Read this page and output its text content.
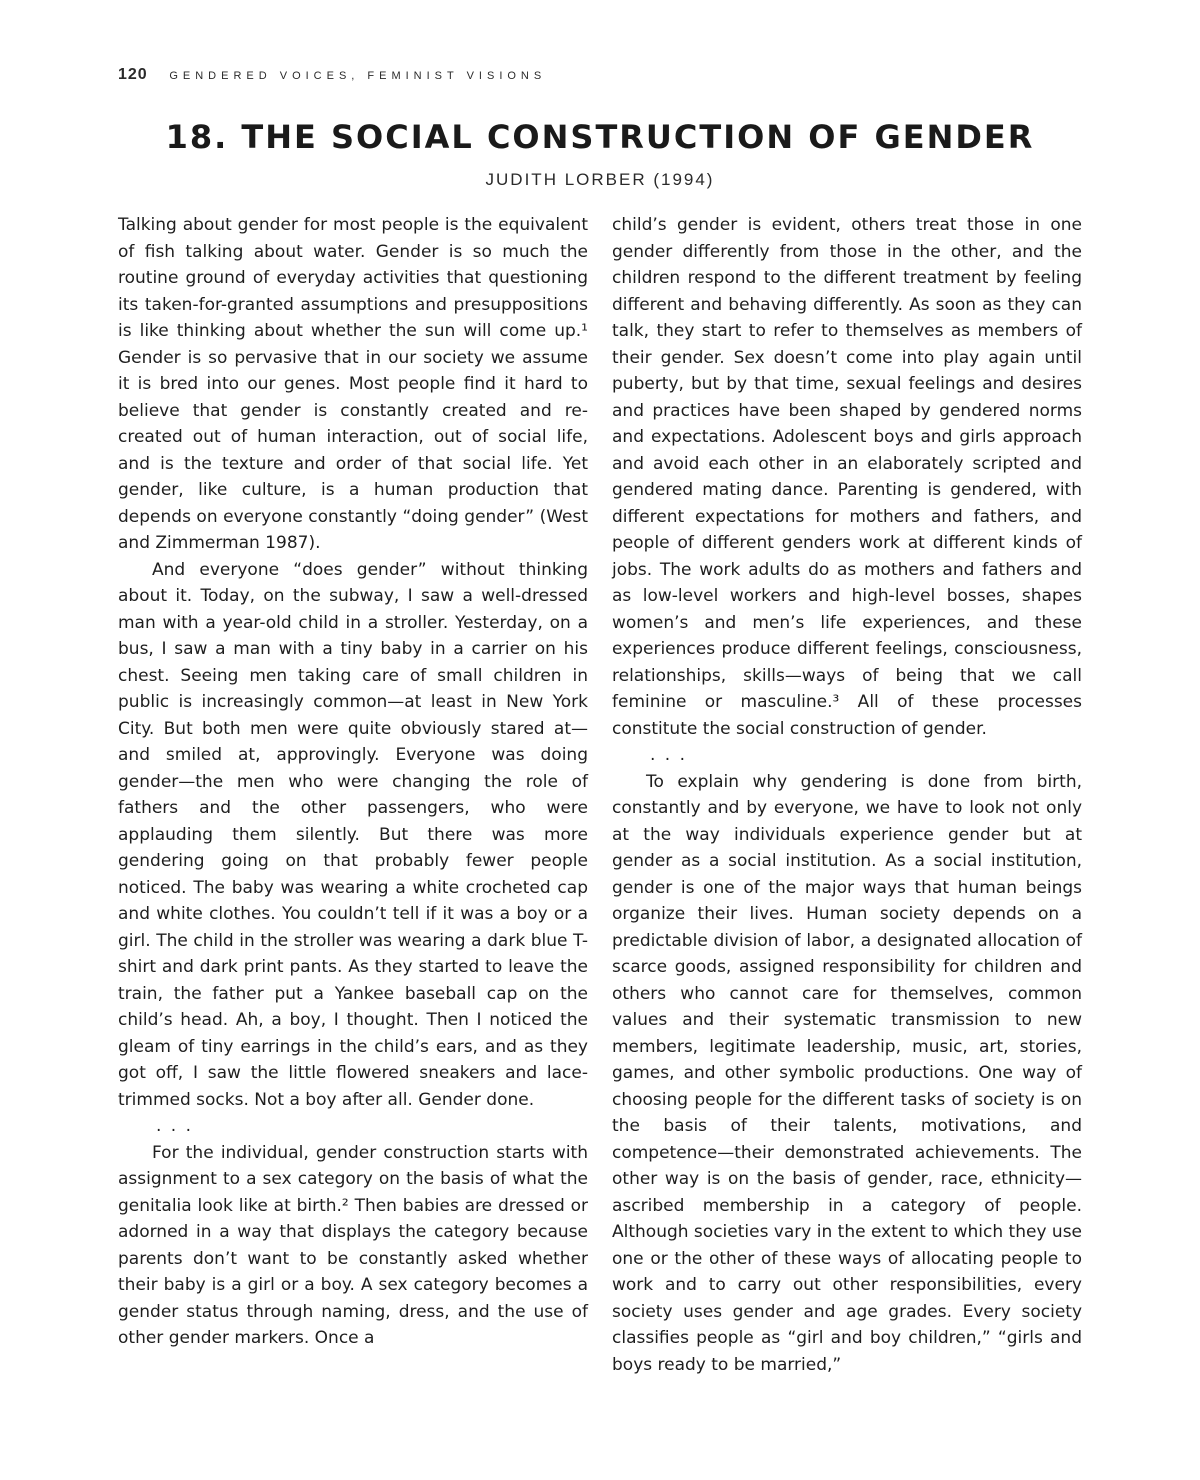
120 GENDERED VOICES, FEMINIST VISIONS
18. THE SOCIAL CONSTRUCTION OF GENDER
JUDITH LORBER (1994)

Talking about gender for most people is the equivalent of fish talking about water. Gender is so much the routine ground of everyday activities that questioning its taken-for-granted assumptions and presuppositions is like thinking about whether the sun will come up.¹ Gender is so pervasive that in our society we assume it is bred into our genes. Most people find it hard to believe that gender is constantly created and re-created out of human interaction, out of social life, and is the texture and order of that social life. Yet gender, like culture, is a human production that depends on everyone constantly “doing gender” (West and Zimmerman 1987).

And everyone “does gender” without thinking about it. Today, on the subway, I saw a well-dressed man with a year-old child in a stroller. Yesterday, on a bus, I saw a man with a tiny baby in a carrier on his chest. Seeing men taking care of small children in public is increasingly common—at least in New York City. But both men were quite obviously stared at—and smiled at, approvingly. Everyone was doing gender—the men who were changing the role of fathers and the other passengers, who were applauding them silently. But there was more gendering going on that probably fewer people noticed. The baby was wearing a white crocheted cap and white clothes. You couldn’t tell if it was a boy or a girl. The child in the stroller was wearing a dark blue T-shirt and dark print pants. As they started to leave the train, the father put a Yankee baseball cap on the child’s head. Ah, a boy, I thought. Then I noticed the gleam of tiny earrings in the child’s ears, and as they got off, I saw the little flowered sneakers and lace-trimmed socks. Not a boy after all. Gender done.

. . .

For the individual, gender construction starts with assignment to a sex category on the basis of what the genitalia look like at birth.² Then babies are dressed or adorned in a way that displays the category because parents don’t want to be constantly asked whether their baby is a girl or a boy. A sex category becomes a gender status through naming, dress, and the use of other gender markers. Once a

child’s gender is evident, others treat those in one gender differently from those in the other, and the children respond to the different treatment by feeling different and behaving differently. As soon as they can talk, they start to refer to themselves as members of their gender. Sex doesn’t come into play again until puberty, but by that time, sexual feelings and desires and practices have been shaped by gendered norms and expectations. Adolescent boys and girls approach and avoid each other in an elaborately scripted and gendered mating dance. Parenting is gendered, with different expectations for mothers and fathers, and people of different genders work at different kinds of jobs. The work adults do as mothers and fathers and as low-level workers and high-level bosses, shapes women’s and men’s life experiences, and these experiences produce different feelings, consciousness, relationships, skills—ways of being that we call feminine or masculine.³ All of these processes constitute the social construction of gender.

. . .

To explain why gendering is done from birth, constantly and by everyone, we have to look not only at the way individuals experience gender but at gender as a social institution. As a social institution, gender is one of the major ways that human beings organize their lives. Human society depends on a predictable division of labor, a designated allocation of scarce goods, assigned responsibility for children and others who cannot care for themselves, common values and their systematic transmission to new members, legitimate leadership, music, art, stories, games, and other symbolic productions. One way of choosing people for the different tasks of society is on the basis of their talents, motivations, and competence—their demonstrated achievements. The other way is on the basis of gender, race, ethnicity—ascribed membership in a category of people. Although societies vary in the extent to which they use one or the other of these ways of allocating people to work and to carry out other responsibilities, every society uses gender and age grades. Every society classifies people as “girl and boy children,” “girls and boys ready to be married,”
